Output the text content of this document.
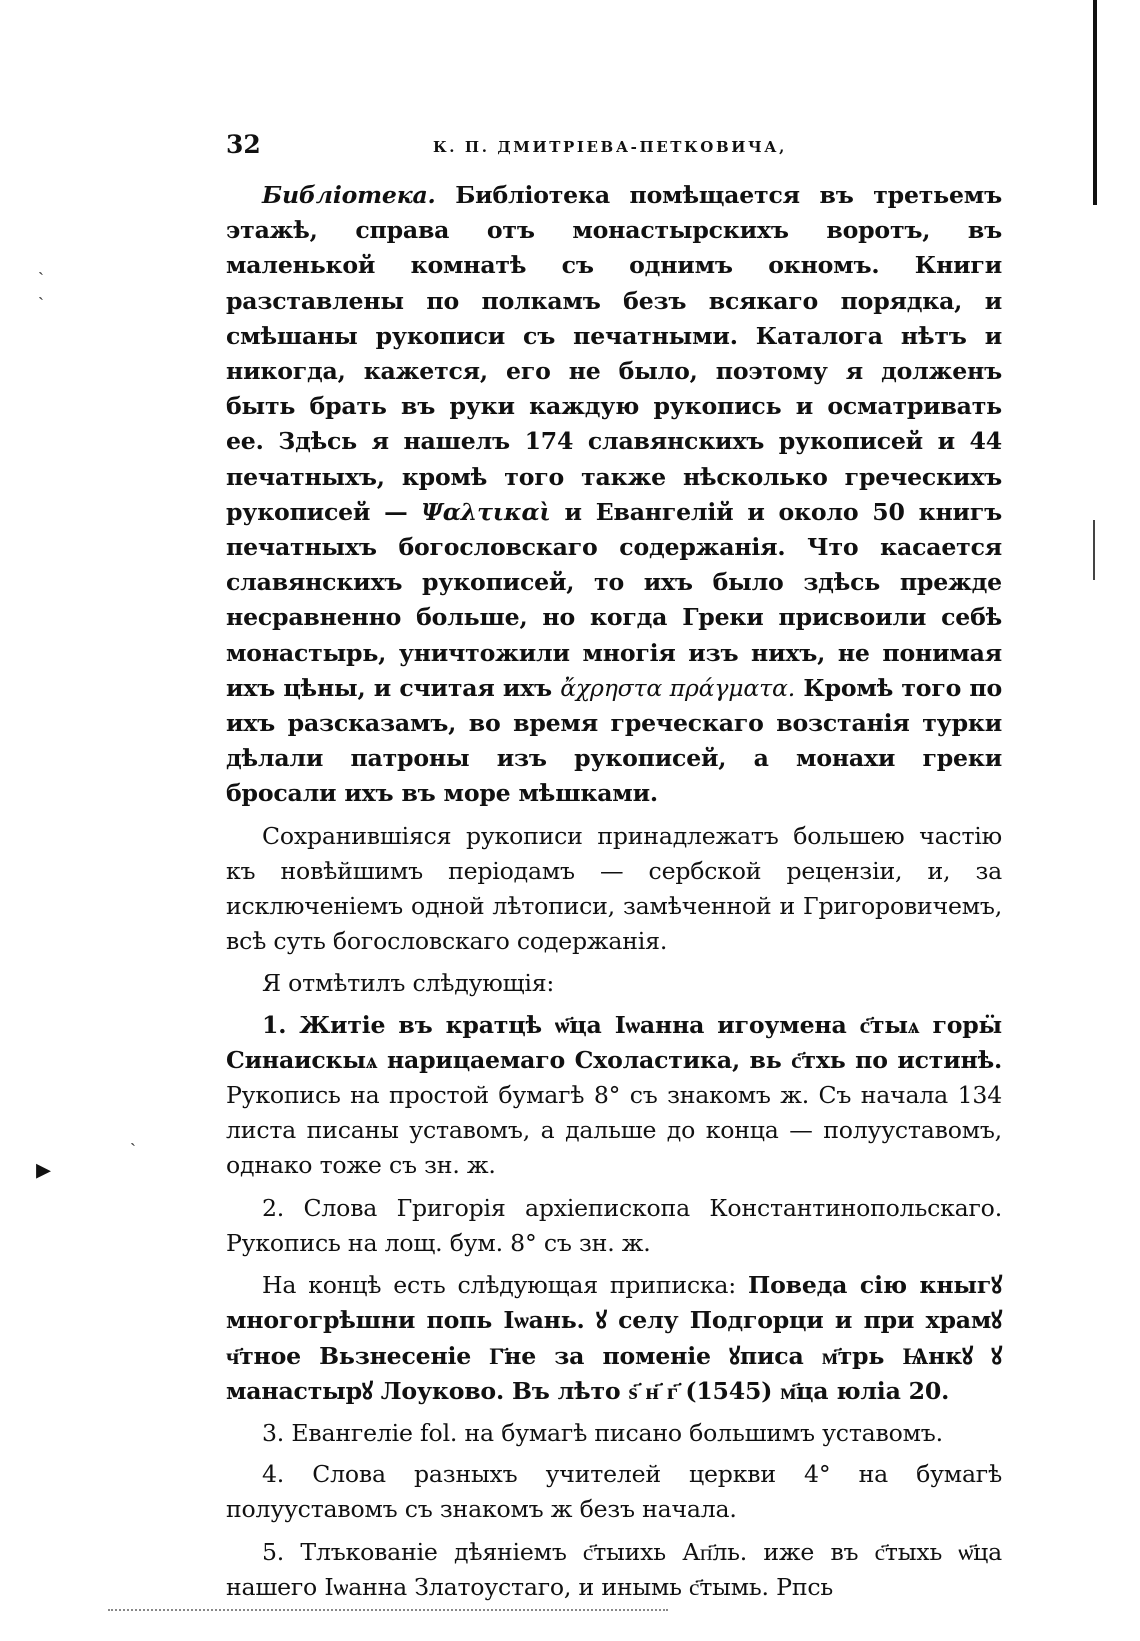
32	К. П. ДМИТРІЕВА-ПЕТКОВИЧА,

Библіотека. Библіотека помѣщается въ третьемъ этажѣ, справа отъ монастырскихъ воротъ, въ маленькой комнатѣ съ однимъ окномъ. Книги разставлены по полкамъ безъ всякаго порядка, и смѣшаны рукописи съ печатными. Каталога нѣтъ и никогда, кажется, его не было, поэтому я долженъ быть брать въ руки каждую рукопись и осматривать ее. Здѣсь я нашелъ 174 славянскихъ рукописей и 44 печатныхъ, кромѣ того также нѣсколько греческихъ рукописей — Ψαλτικαὶ и Евангелій и около 50 книгъ печатныхъ богословскаго содержанія. Что касается славянскихъ рукописей, то ихъ было здѣсь прежде несравненно больше, но когда Греки присвоили себѣ монастырь, уничтожили многія изъ нихъ, не понимая ихъ цѣны, и считая ихъ ἄχρηστα πράγματα. Кромѣ того по ихъ разсказамъ, во время греческаго возстанія турки дѣлали патроны изъ рукописей, а монахи греки бросали ихъ въ море мѣшками.

Сохранившіяся рукописи принадлежатъ большею частію къ новѣйшимъ періодамъ — сербской рецензіи, и, за исключеніемъ одной лѣтописи, замѣченной и Григоровичемъ, всѣ суть богословскаго содержанія.

Я отмѣтилъ слѣдующія:

1. Житіе въ кратцѣ ѡ҃ца Іѡанна игоумена с҃тыѧ горӹ Синаискыѧ нарицаемаго Схоластика, вь с҃тхь по истинѣ. Рукопись на простой бумагѣ 8° съ знакомъ ж. Съ начала 134 листа писаны уставомъ, а дальше до конца — полууставомъ, однако тоже съ зн. ж.

2. Слова Григорія архіепископа Константинопольскаго. Рукопись на лощ. бум. 8° съ зн. ж.

На концѣ есть слѣдующая приписка: Поведа сію кныгꙋ многогрѣшни попь Іѡань. ꙋ селу Подгорци и при храмꙋ ч҃тное Вьзнесеніе Г҃не за поменіе ꙋписа м҃трь Ѩнкꙋ ꙋ манастырꙋ Лоуково. Въ лѣто ѕ҃ н҃ г҃ (1545) м҃ца юліа 20.

3. Евангеліе fol. на бумагѣ писано большимъ уставомъ.

4. Слова разныхъ учителей церкви 4° на бумагѣ полууставомъ съ знакомъ ж безъ начала.

5. Тлъкованіе дѣяніемъ с҃тыихь Ап҃ль. иже въ с҃тыхь ѡ҃ца нашего Іѡанна Златоустаго, и инымь с҃тымь. Рпсь

ˏ
ˏ
ˏ
▸
